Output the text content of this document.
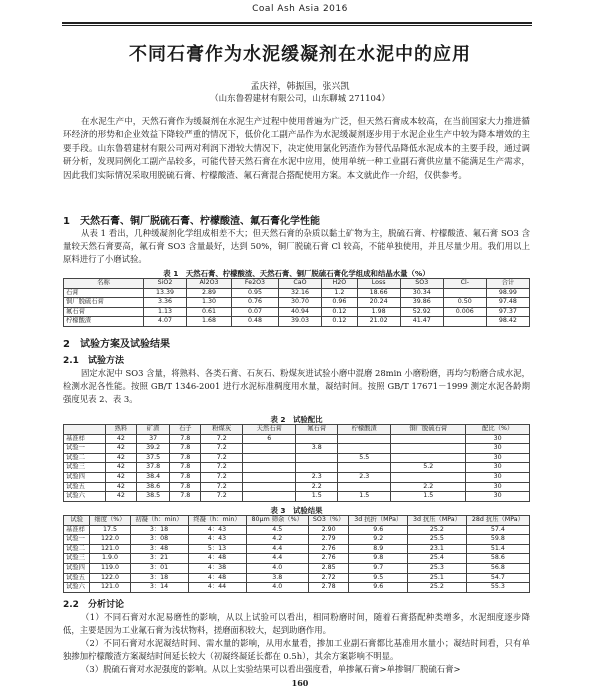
Coal Ash Asia 2016
不同石膏作为水泥缓凝剂在水泥中的应用
孟庆祥，韩振国，张兴凯
（山东鲁碧建材有限公司，山东聊城 271104）
在水泥生产中，天然石膏作为缓凝剂在水泥生产过程中使用普遍为广泛，但天然石膏成本较高，在当前国家大力推进循环经济的形势和企业效益下降较严重的情况下，低价化工副产品作为水泥缓凝剂逐步用于水泥企业生产中较为降本增效的主要手段。山东鲁碧建材有限公司两对利润下滑较大情况下，决定使用氯化钙渣作为替代品降低水泥成本的主要手段，通过调研分析，发现同例化工副产品较多，可能代替天然石膏在水泥中应用，使用单统一种工业副石膏供应量不能满足生产需求，因此我们实际情况采取用脱硫石膏、柠檬酸渣、氟石膏混合搭配使用方案。本文就此作一介绍，仅供参考。
1　天然石膏、铜厂脱硫石膏、柠檬酸渣、氟石膏化学性能
从表 1 看出，几种缓凝剂化学组成相差不大；但天然石膏的杂质以黏土矿物为主，脱硫石膏、柠檬酸渣、氟石膏 SO3 含量较天然石膏要高，氟石膏 SO3 含量最好，达到 50%，铜厂脱硫石膏 Cl 较高，不能单独使用，并且尽量少用。我们用以上原料进行了小磨试验。
表 1　天然石膏、柠檬酸渣、天然石膏、铜厂脱硫石膏化学组成和结晶水量（%）
名称	SiO2	Al2O3	Fe2O3	CaO	H2O	Loss	SO3	Cl-	合计
石膏	13.39	2.89	0.95	32.16	1.2	18.66	30.34		98.99
铜厂脱硫石膏	3.36	1.30	0.76	30.70	0.96	20.24	39.86	0.50	97.48
氟石膏	1.13	0.61	0.07	40.94	0.12	1.98	52.92	0.006	97.37
柠檬酸渣	4.07	1.68	0.48	39.03	0.12	21.02	41.47		98.42
2　试验方案及试验结果
2.1　试验方法
固定水泥中 SO3 含量，将熟料、各类石膏、石灰石、粉煤灰进试验小磨中混磨 28min 小磨粉磨，再均匀粉磨合成水泥，检测水泥各性能。按照 GB/T 1346-2001 进行水泥标准稠度用水量，凝结时间。按照 GB/T 17671－1999 测定水泥各龄期强度见表 2、表 3。
表 2　试验配比
	熟料	矿渣	石子	粉煤灰	天然石膏	氟石膏	柠檬酸渣	铜厂脱硫石膏	配比（%）
基准样	42	37	7.8	7.2	6				30
试验一	42	39.2	7.8	7.2		3.8			30
试验二	42	37.5	7.8	7.2			5.5		30
试验三	42	37.8	7.8	7.2				5.2	30
试验四	42	38.4	7.8	7.2		2.3	2.3		30
试验五	42	38.6	7.8	7.2		2.2		2.2	30
试验六	42	38.5	7.8	7.2		1.5	1.5	1.5	30
表 3　试验结果
试验	细度（%）	初凝（h：min）	终凝（h：min）	80μm 筛余（%）	SO3（%）	3d 抗折（MPa）	3d 抗压（MPa）	28d 抗压（MPa）
基准样	17.5	3：18	4：43	4.5	2.90	9.6	25.2	57.4
试验一	122.0	3：08	4：43	4.2	2.79	9.2	25.5	59.8
试验二	121.0	3：48	5：13	4.4	2.76	8.9	23.1	51.4
试验三	1.9.0	3：21	4：48	4.4	2.76	9.8	25.4	58.6
试验四	119.0	3：01	4：38	4.0	2.85	9.7	25.3	56.8
试验五	122.0	3：18	4：48	3.8	2.72	9.5	25.1	54.7
试验六	121.0	3：14	4：44	4.0	2.78	9.6	25.2	55.3
2.2　分析讨论
（1）不同石膏对水泥易磨性的影响，从以上试验可以看出，相同粉磨时间，随着石膏搭配种类增多，水泥细度逐步降低，主要是因为工业氟石膏为浅状物料，搓磨面积较大，起到助磨作用。
（2）不同石膏对水泥凝结时间、需水量的影响，从用水量看，掺加工业副石膏都比基准用水量小；凝结时间看，只有单独掺加柠檬酸渣方案凝结时间延长较大（初凝终凝延长都在 0.5h），其余方案影响不明显。
（3）脱硫石膏对水泥强度的影响。从以上实验结果可以看出强度看，单掺氟石膏>单掺铜厂脱硫石膏>
160
